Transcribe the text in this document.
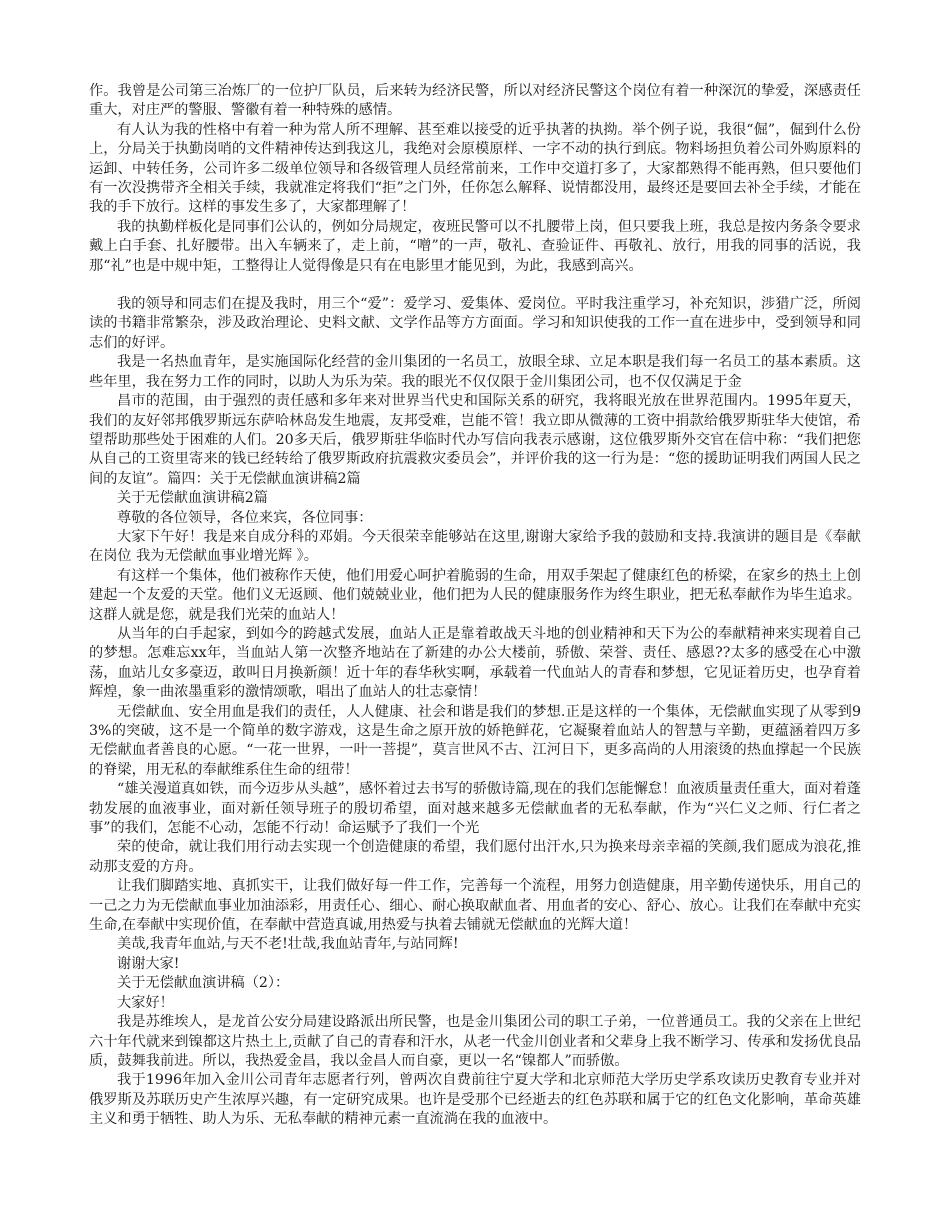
作。我曾是公司第三冶炼厂的一位护厂队员，后来转为经济民警，所以对经济民警这个岗位有着一种深沉的挚爱，深感责任重大，对庄严的警服、警徽有着一种特殊的感情。

有人认为我的性格中有着一种为常人所不理解、甚至难以接受的近乎执著的执拗。举个例子说，我很“倔”，倔到什么份上，分局关于执勤岗哨的文件精神传达到我这儿，我绝对会原模原样、一字不动的执行到底。物料场担负着公司外购原料的运卸、中转任务，公司许多二级单位领导和各级管理人员经常前来，工作中交道打多了，大家都熟得不能再熟，但只要他们有一次没携带齐全相关手续，我就准定将我们“拒”之门外，任你怎么解释、说情都没用，最终还是要回去补全手续，才能在我的手下放行。这样的事发生多了，大家都理解了！

我的执勤样板化是同事们公认的，例如分局规定，夜班民警可以不扎腰带上岗，但只要我上班，我总是按内务条令要求戴上白手套、扎好腰带。出入车辆来了，走上前，“噌”的一声，敬礼、查验证件、再敬礼、放行，用我的同事的活说，我那“礼”也是中规中矩，工整得让人觉得像是只有在电影里才能见到，为此，我感到高兴。

我的领导和同志们在提及我时，用三个“爱”：爱学习、爱集体、爱岗位。平时我注重学习，补充知识，涉猎广泛，所阅读的书籍非常繁杂，涉及政治理论、史料文献、文学作品等方方面面。学习和知识使我的工作一直在进步中，受到领导和同志们的好评。

我是一名热血青年，是实施国际化经营的金川集团的一名员工，放眼全球、立足本职是我们每一名员工的基本素质。这些年里，我在努力工作的同时，以助人为乐为荣。我的眼光不仅仅限于金川集团公司，也不仅仅满足于金

昌市的范围，由于强烈的责任感和多年来对世界当代史和国际关系的研究，我将眼光放在世界范围内。1995年夏天，我们的友好邻邦俄罗斯远东萨哈林岛发生地震，友邦受难，岂能不管！我立即从微薄的工资中捐款给俄罗斯驻华大使馆，希望帮助那些处于困难的人们。20多天后，俄罗斯驻华临时代办写信向我表示感谢，这位俄罗斯外交官在信中称：“我们把您从自己的工资里寄来的钱已经转给了俄罗斯政府抗震救灾委员会”，并评价我的这一行为是：“您的援助证明我们两国人民之间的友谊”。篇四：关于无偿献血演讲稿2篇

关于无偿献血演讲稿2篇

尊敬的各位领导，各位来宾，各位同事：

大家下午好！我是来自成分科的邓娟。今天很荣幸能够站在这里,谢谢大家给予我的鼓励和支持.我演讲的题目是《奉献在岗位 我为无偿献血事业增光辉 》。

有这样一个集体，他们被称作天使，他们用爱心呵护着脆弱的生命，用双手架起了健康红色的桥梁，在家乡的热土上创建起一个友爱的天堂。他们义无返顾、他们兢兢业业，他们把为人民的健康服务作为终生职业，把无私奉献作为毕生追求。这群人就是您，就是我们光荣的血站人！

从当年的白手起家，到如今的跨越式发展，血站人正是靠着敢战天斗地的创业精神和天下为公的奉献精神来实现着自己的梦想。怎难忘xx年，当血站人第一次整齐地站在了新建的办公大楼前，骄傲、荣誉、责任、感恩??太多的感受在心中激荡，血站儿女多豪迈，敢叫日月换新颜！近十年的春华秋实啊，承载着一代血站人的青春和梦想，它见证着历史，也孕育着辉煌，象一曲浓墨重彩的激情颂歌，唱出了血站人的壮志豪情！

无偿献血、安全用血是我们的责任，人人健康、社会和谐是我们的梦想.正是这样的一个集体，无偿献血实现了从零到93%的突破，这不是一个简单的数字游戏，这是生命之原开放的娇艳鲜花，它凝聚着血站人的智慧与辛勤，更蕴涵着四万多无偿献血者善良的心愿。“一花一世界，一叶一菩提”，莫言世风不古、江河日下，更多高尚的人用滚烫的热血撑起一个民族的脊梁，用无私的奉献维系住生命的纽带！

“雄关漫道真如铁，而今迈步从头越”，感怀着过去书写的骄傲诗篇,现在的我们怎能懈怠！血液质量责任重大，面对着蓬勃发展的血液事业，面对新任领导班子的殷切希望，面对越来越多无偿献血者的无私奉献，作为“兴仁义之师、行仁者之事”的我们，怎能不心动，怎能不行动！命运赋予了我们一个光

荣的使命，就让我们用行动去实现一个创造健康的希望，我们愿付出汗水,只为换来母亲幸福的笑颜,我们愿成为浪花,推动那支爱的方舟。

让我们脚踏实地、真抓实干，让我们做好每一件工作，完善每一个流程，用努力创造健康，用辛勤传递快乐，用自己的一己之力为无偿献血事业加油添彩，用责任心、细心、耐心换取献血者、用血者的安心、舒心、放心。让我们在奉献中充实生命,在奉献中实现价值，在奉献中营造真诚,用热爱与执着去铺就无偿献血的光辉大道！

美哉,我青年血站,与天不老!壮哉,我血站青年,与站同辉!

谢谢大家!

关于无偿献血演讲稿（2）：

大家好！

我是苏维埃人，是龙首公安分局建设路派出所民警，也是金川集团公司的职工子弟，一位普通员工。我的父亲在上世纪六十年代就来到镍都这片热土上,贡献了自己的青春和汗水，从老一代金川创业者和父辈身上我不断学习、传承和发扬优良品质，鼓舞我前进。所以，我热爱金昌，我以金昌人而自豪，更以一名“镍都人”而骄傲。

我于1996年加入金川公司青年志愿者行列，曾两次自费前往宁夏大学和北京师范大学历史学系攻读历史教育专业并对俄罗斯及苏联历史产生浓厚兴趣，有一定研究成果。也许是受那个已经逝去的红色苏联和属于它的红色文化影响，革命英雄主义和勇于牺牲、助人为乐、无私奉献的精神元素一直流淌在我的血液中。
